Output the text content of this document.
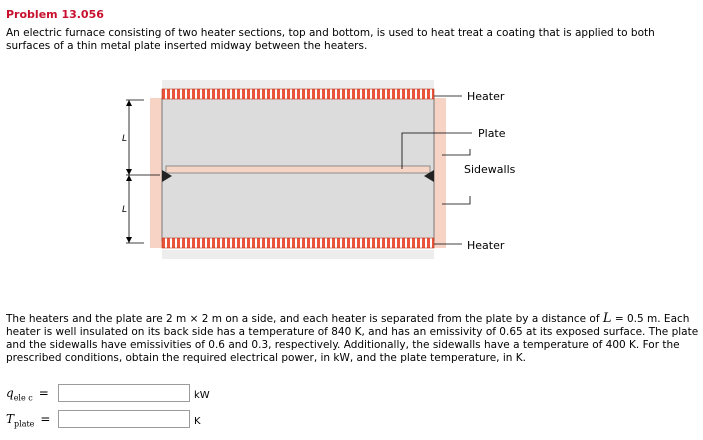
Problem 13.056
An electric furnace consisting of two heater sections, top and bottom, is used to heat treat a coating that is applied to both surfaces of a thin metal plate inserted midway between the heaters.
L
L
Heater
Plate
Sidewalls
Heater
The heaters and the plate are 2 m × 2 m on a side, and each heater is separated from the plate by a distance of L = 0.5 m. Each heater is well insulated on its back side has a temperature of 840 K, and has an emissivity of 0.65 at its exposed surface. The plate and the sidewalls have emissivities of 0.6 and 0.3, respectively. Additionally, the sidewalls have a temperature of 400 K. For the prescribed conditions, obtain the required electrical power, in kW, and the plate temperature, in K.
$q_{ele c}$ =	kW
$T_{plate}$ =	K
